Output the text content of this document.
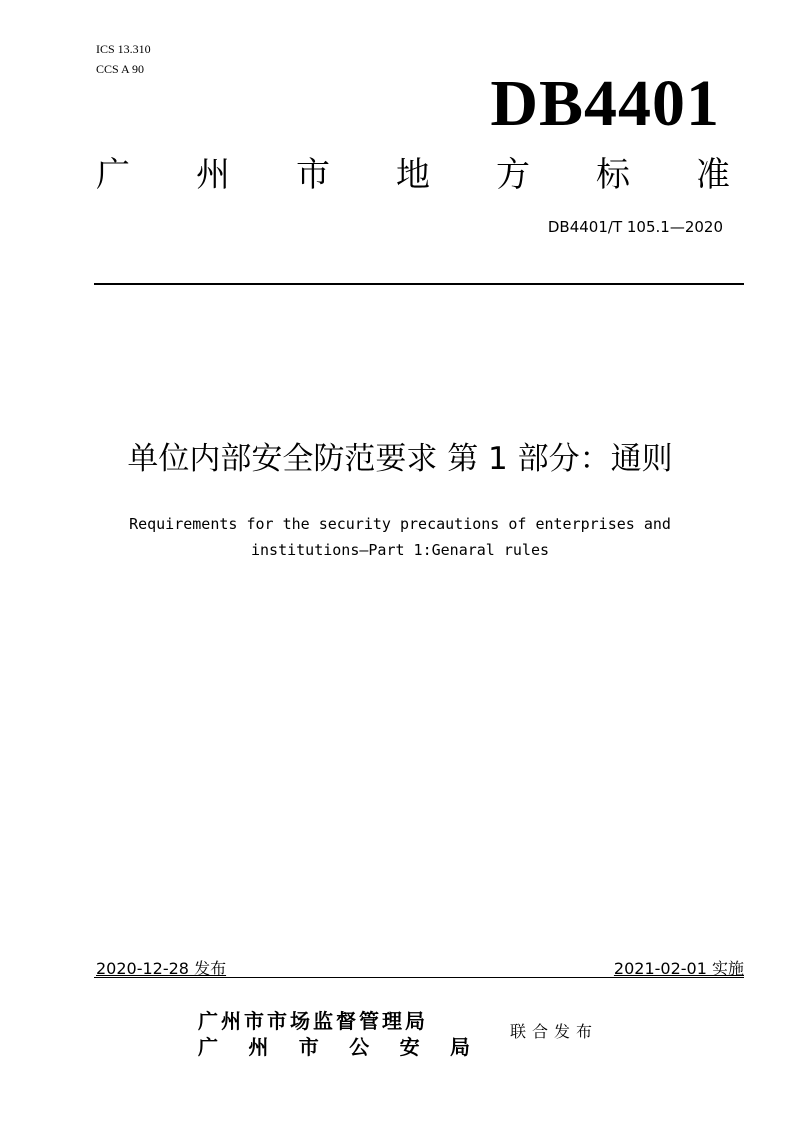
ICS 13.310
CCS A 90	DB4401
广 州 市 地 方 标 准
DB4401/T 105.1—2020
单位内部安全防范要求 第 1 部分：通则
Requirements for the security precautions of enterprises and
institutions—Part 1:Genaral rules
2020-12-28 发布	2021-02-01 实施
广州市市场监督管理局
广 州 市 公 安 局
联合发布
